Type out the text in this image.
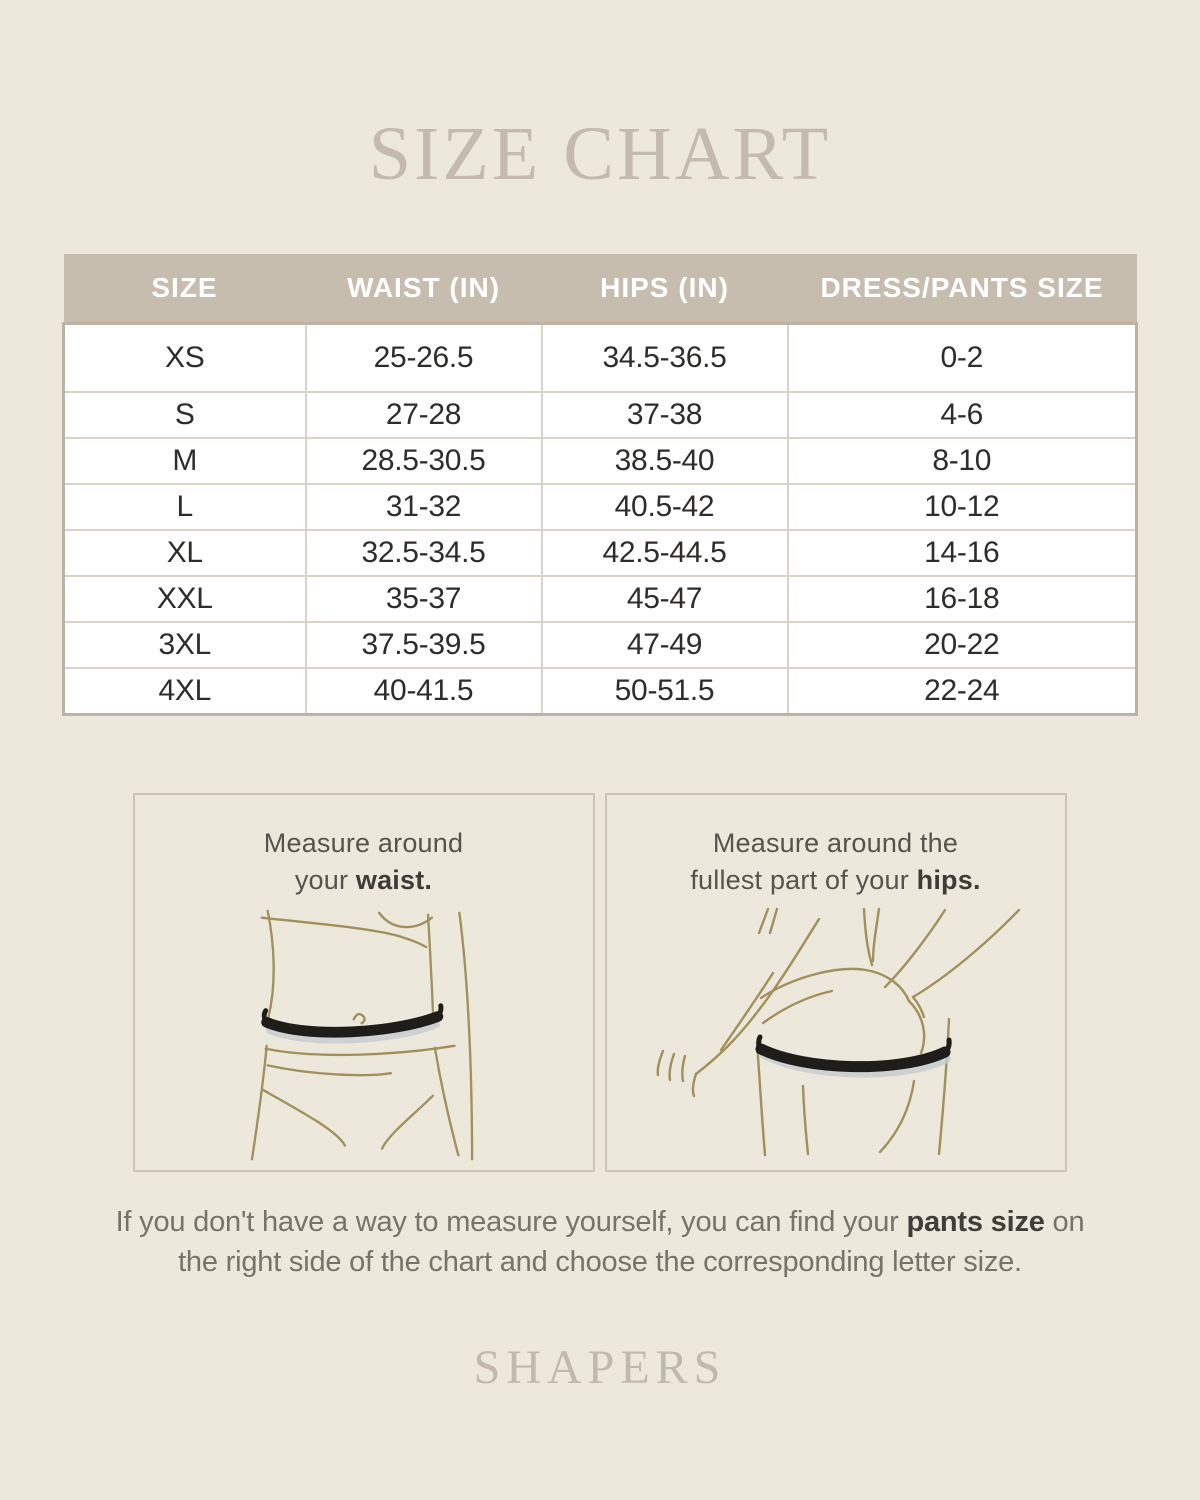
SIZE CHART
SIZE	WAIST (IN)	HIPS (IN)	DRESS/PANTS SIZE
XS	25-26.5	34.5-36.5	0-2
S	27-28	37-38	4-6
M	28.5-30.5	38.5-40	8-10
L	31-32	40.5-42	10-12
XL	32.5-34.5	42.5-44.5	14-16
XXL	35-37	45-47	16-18
3XL	37.5-39.5	47-49	20-22
4XL	40-41.5	50-51.5	22-24

Measure around
your waist.

Measure around the
fullest part of your hips.

If you don't have a way to measure yourself, you can find your pants size on
the right side of the chart and choose the corresponding letter size.

SHAPERS
